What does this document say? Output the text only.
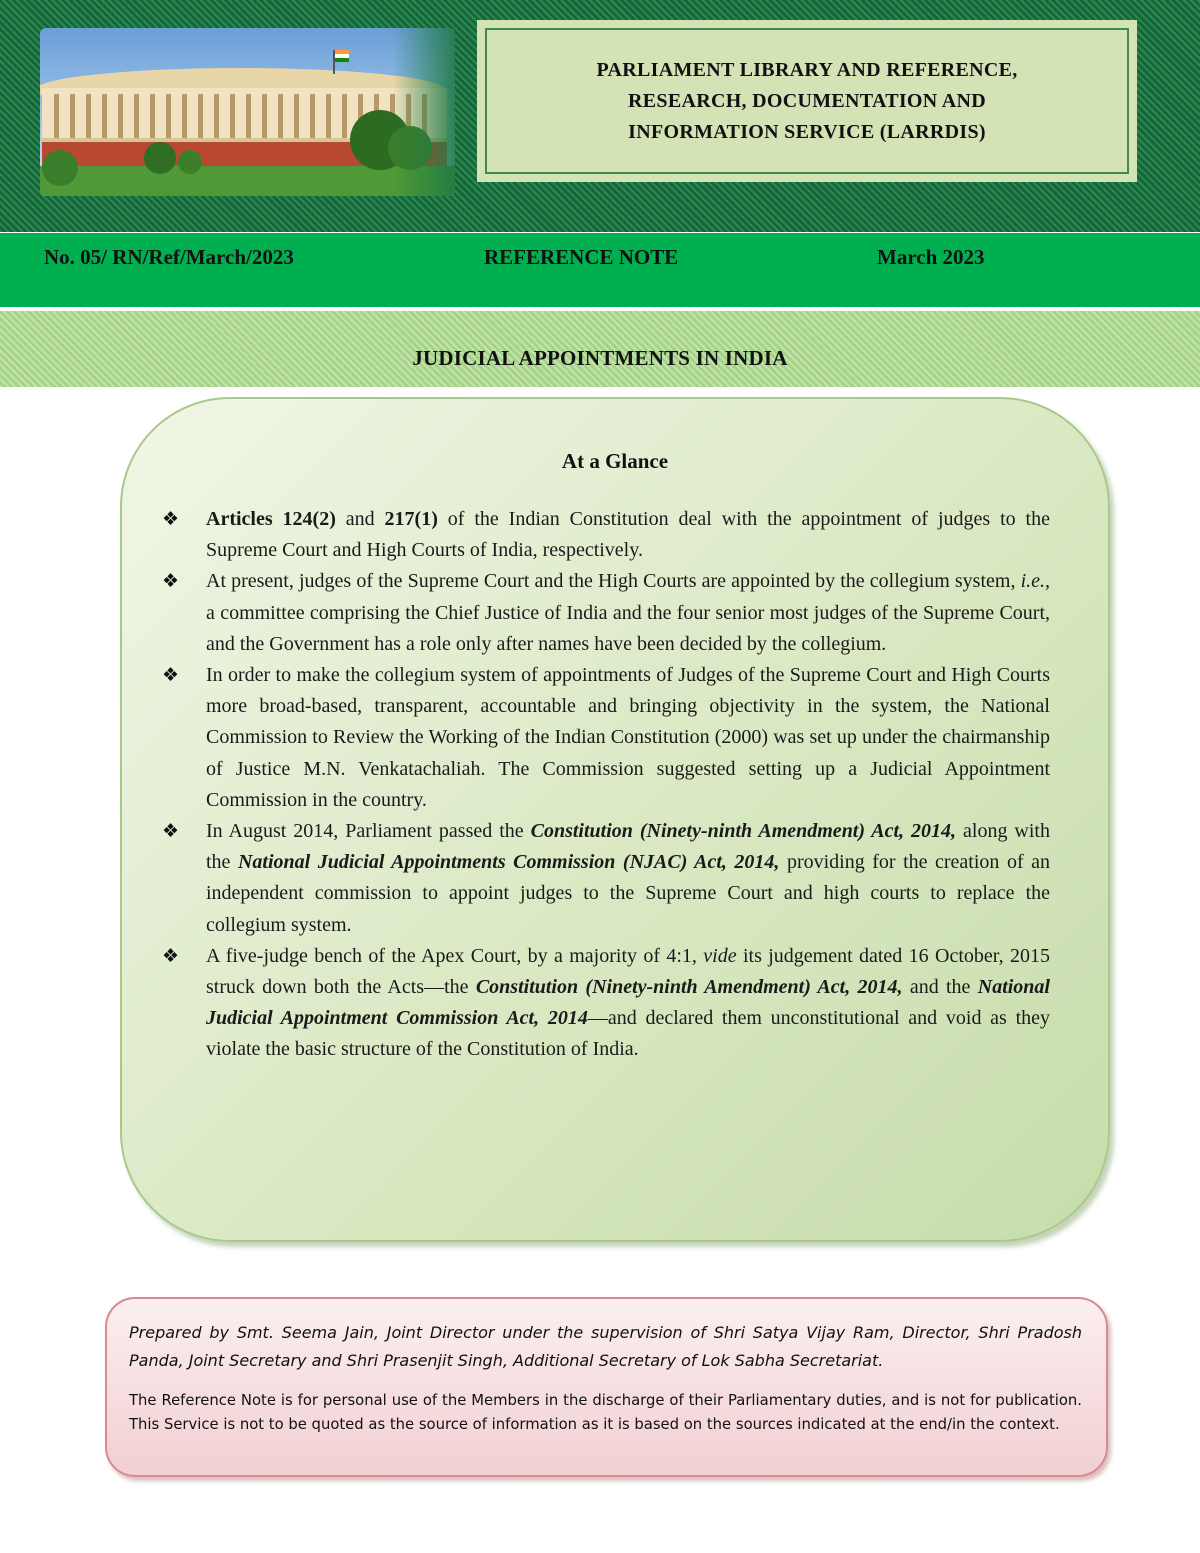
PARLIAMENT LIBRARY AND REFERENCE,
RESEARCH, DOCUMENTATION AND
INFORMATION SERVICE (LARRDIS)
No. 05/ RN/Ref/March/2023	REFERENCE NOTE	March 2023
JUDICIAL APPOINTMENTS IN INDIA
At a Glance
❖ Articles 124(2) and 217(1) of the Indian Constitution deal with the appointment of judges to the Supreme Court and High Courts of India, respectively.
❖ At present, judges of the Supreme Court and the High Courts are appointed by the collegium system, i.e., a committee comprising the Chief Justice of India and the four senior most judges of the Supreme Court, and the Government has a role only after names have been decided by the collegium.
❖ In order to make the collegium system of appointments of Judges of the Supreme Court and High Courts more broad-based, transparent, accountable and bringing objectivity in the system, the National Commission to Review the Working of the Indian Constitution (2000) was set up under the chairmanship of Justice M.N. Venkatachaliah. The Commission suggested setting up a Judicial Appointment Commission in the country.
❖ In August 2014, Parliament passed the Constitution (Ninety-ninth Amendment) Act, 2014, along with the National Judicial Appointments Commission (NJAC) Act, 2014, providing for the creation of an independent commission to appoint judges to the Supreme Court and high courts to replace the collegium system.
❖ A five-judge bench of the Apex Court, by a majority of 4:1, vide its judgement dated 16 October, 2015 struck down both the Acts—the Constitution (Ninety-ninth Amendment) Act, 2014, and the National Judicial Appointment Commission Act, 2014—and declared them unconstitutional and void as they violate the basic structure of the Constitution of India.

Prepared by Smt. Seema Jain, Joint Director under the supervision of Shri Satya Vijay Ram, Director, Shri Pradosh Panda, Joint Secretary and Shri Prasenjit Singh, Additional Secretary of Lok Sabha Secretariat.

The Reference Note is for personal use of the Members in the discharge of their Parliamentary duties, and is not for publication. This Service is not to be quoted as the source of information as it is based on the sources indicated at the end/in the context.
